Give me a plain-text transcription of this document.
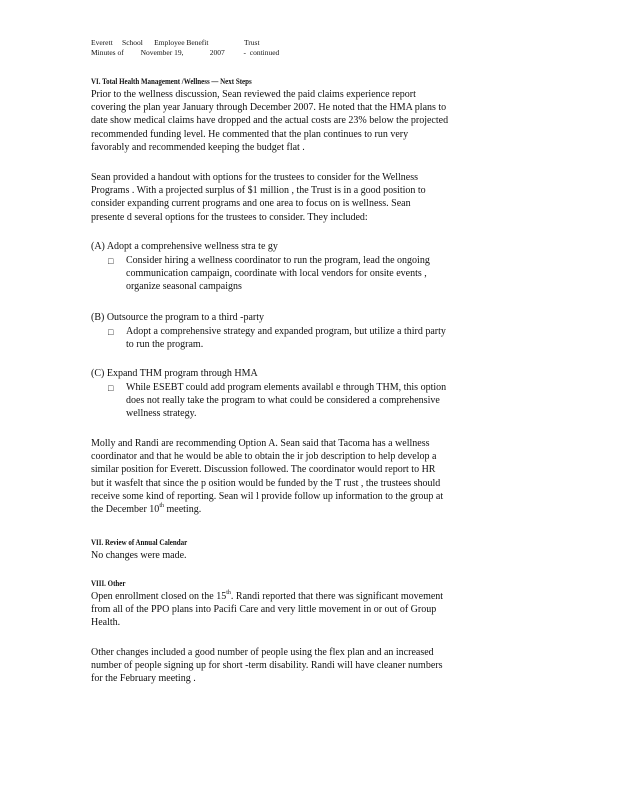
Everett     School      Employee Benefit                   Trust
Minutes of         November 19,              2007          -  continued
VI. Total Health Management /Wellness — Next Steps
Prior to the wellness discussion, Sean reviewed the paid claims experience report
covering the plan year January through December 2007. He noted that the HMA plans to
date show medical claims have dropped and the actual costs are 23% below the projected
recommended funding level. He commented that the plan continues to run very
favorably and recommended keeping the budget flat .
Sean provided a handout with options for the trustees to consider for the Wellness
Programs . With a projected surplus of $1 million , the Trust is in a good position to
consider expanding current programs and one area to focus on is wellness. Sean
presente d several options for the trustees to consider. They included:
(A) Adopt a comprehensive wellness stra te gy
□	Consider hiring a wellness coordinator to run the program, lead the ongoing
communication campaign, coordinate with local vendors for onsite events ,
organize seasonal campaigns
(B) Outsource the program to a third -party
□	Adopt a comprehensive strategy and expanded program, but utilize a third party
to run the program.
(C) Expand THM program through HMA
□	While ESEBT could add program elements availabl e through THM, this option
does not really take the program to what could be considered a comprehensive
wellness strategy.
Molly and Randi are recommending Option A. Sean said that Tacoma has a wellness
coordinator and that he would be able to obtain the ir job description to help develop a
similar position for Everett. Discussion followed. The coordinator would report to HR
but it wasfelt that since the p osition would be funded by the T rust , the trustees should
receive some kind of reporting. Sean wil l provide follow up information to the group at
the December 10th meeting.
VII. Review of Annual Calendar
No changes were made.
VIII. Other
Open enrollment closed on the 15th. Randi reported that there was significant movement
from all of the PPO plans into Pacifi Care and very little movement in or out of Group
Health.
Other changes included a good number of people using the flex plan and an increased
number of people signing up for short -term disability. Randi will have cleaner numbers
for the February meeting .
